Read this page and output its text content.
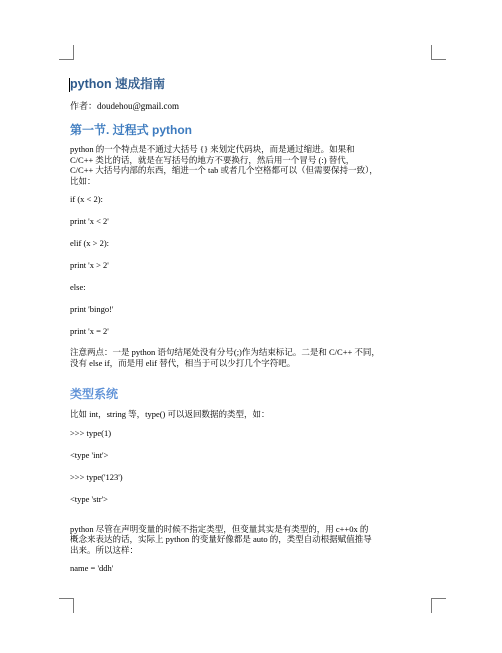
python 速成指南
作者：doudehou@gmail.com
第一节. 过程式 python
python 的一个特点是不通过大括号 {} 来划定代码块，而是通过缩进。如果和
C/C++ 类比的话，就是在写括号的地方不要换行，然后用一个冒号 (:) 替代，
C/C++ 大括号内部的东西，缩进一个 tab 或者几个空格都可以（但需要保持一致），
比如：
if (x < 2):
print 'x < 2'
elif (x > 2):
print 'x > 2'
else:
print 'bingo!'
print 'x = 2'
注意两点：一是 python 语句结尾处没有分号(;)作为结束标记。二是和 C/C++ 不同，
没有 else if，而是用 elif 替代，相当于可以少打几个字符吧。
类型系统
比如 int，string 等，type() 可以返回数据的类型，如：
>>> type(1)
<type 'int'>
>>> type('123')
<type 'str'>
python 尽管在声明变量的时候不指定类型，但变量其实是有类型的，用 c++0x 的
概念来表达的话，实际上 python 的变量好像都是 auto 的，类型自动根据赋值推导
出来。所以这样：
name = 'ddh'
